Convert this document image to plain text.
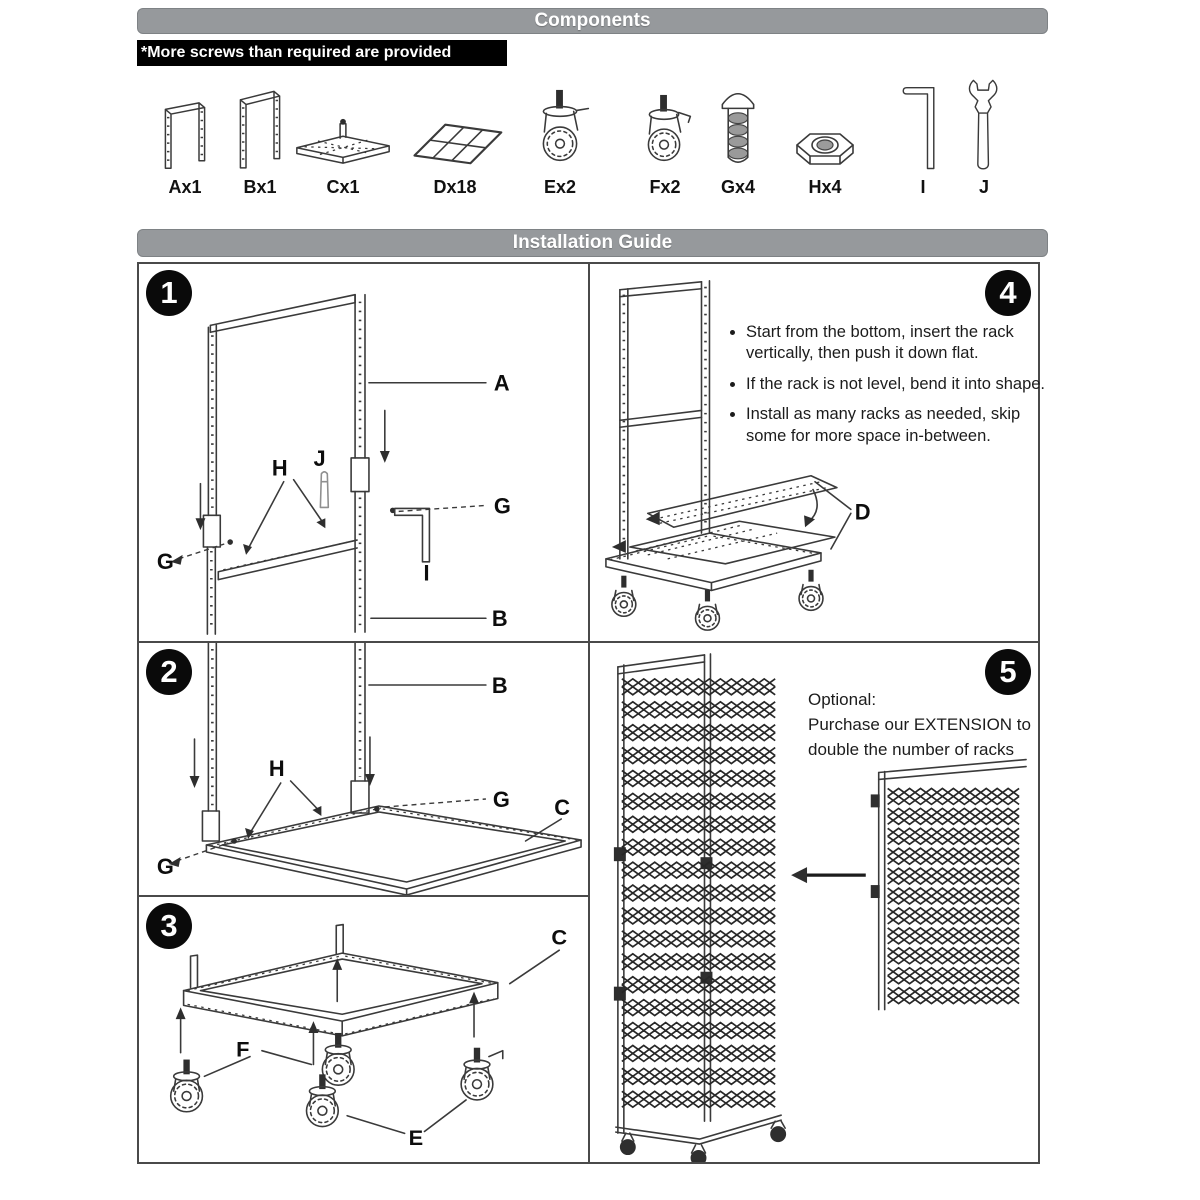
Components
*More screws than required are provided
Ax1 Bx1	Cx1	Dx18	Ex2	Fx2 Gx4	Hx4	I	J
Installation Guide
1
A
G
B
G
H J
I
2	B
G
G
H
C
3	C
F
E
4
• Start from the bottom, insert the rack vertically, then push it down flat.
• If the rack is not level, bend it into shape.
• Install as many racks as needed, skip some for more space in-between.
D
5
Optional:
Purchase our EXTENSION to
double the number of racks
